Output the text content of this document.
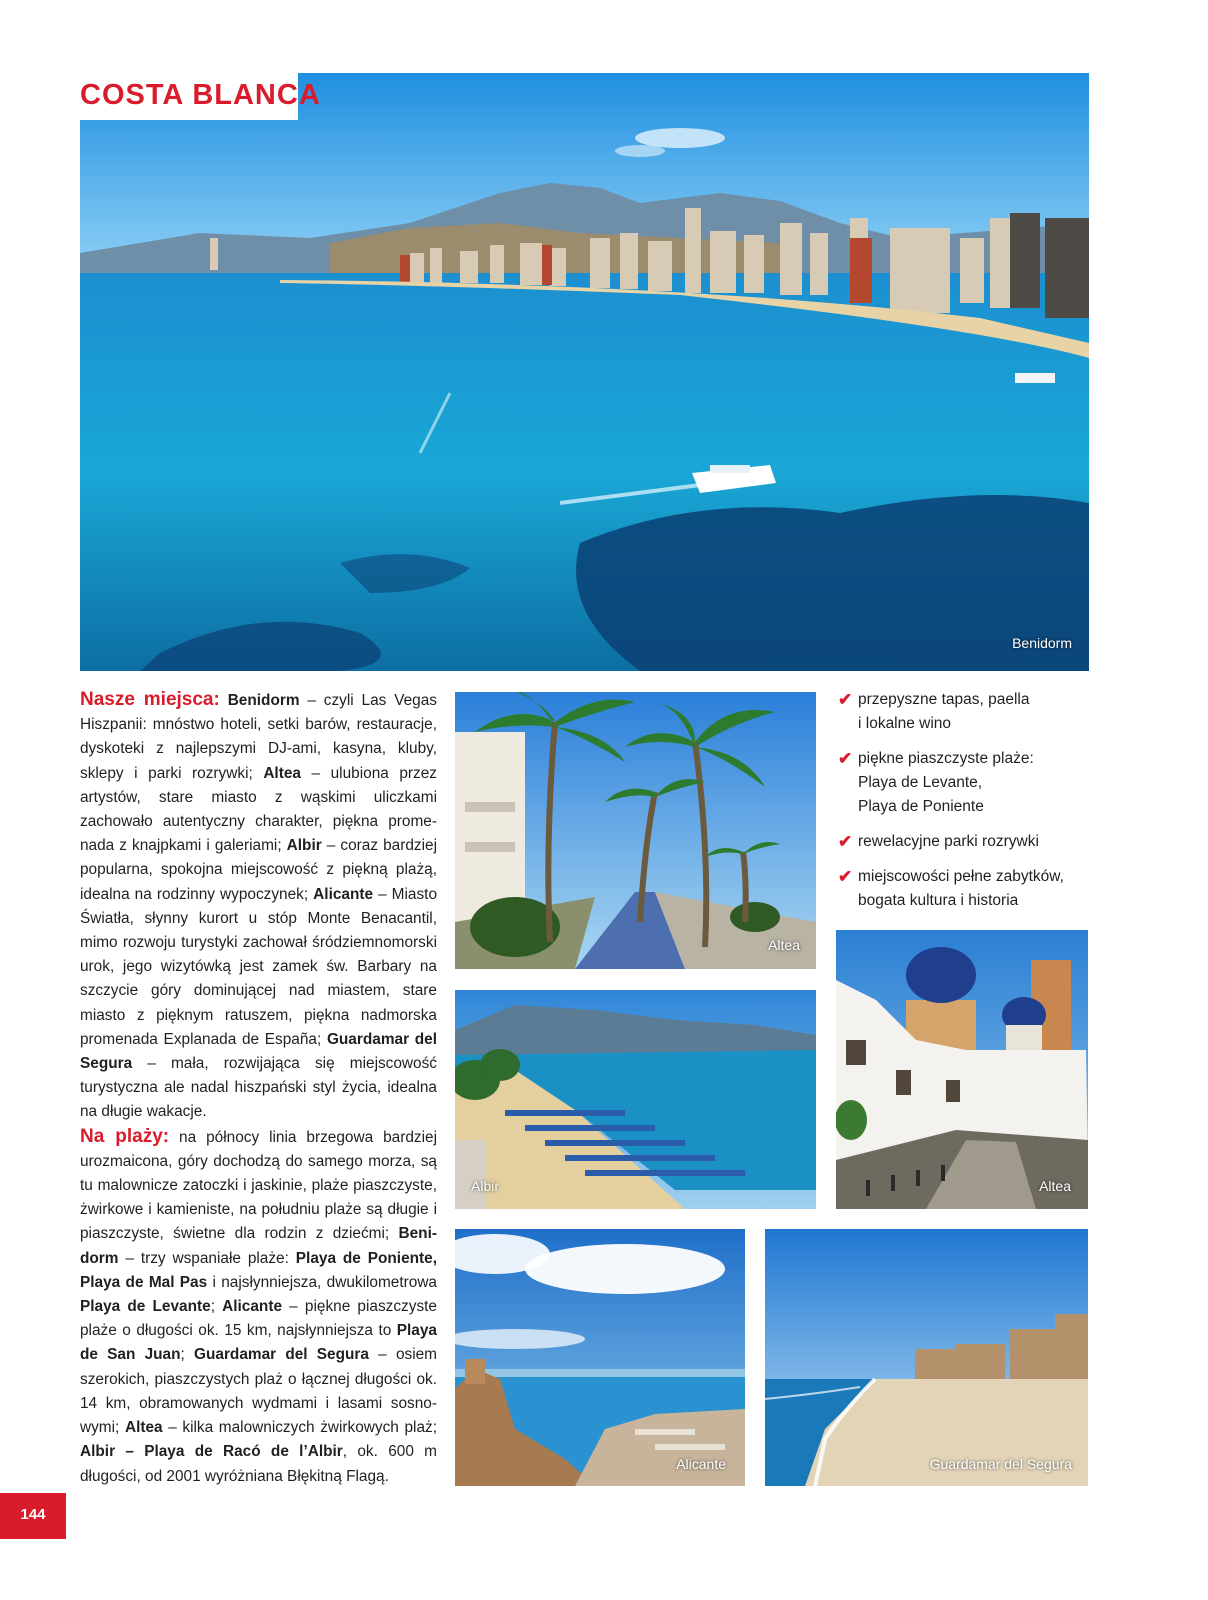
COSTA BLANCA
Benidorm

Nasze miejsca: Benidorm – czyli Las Vegas Hiszpanii: mnóstwo hoteli, setki barów, restauracje, dyskoteki z najlepszymi DJ-ami, kasyna, kluby, sklepy i parki rozrywki; Altea – ulubiona przez artystów, stare miasto z wąskimi uliczkami zachowało autentyczny charakter, piękna promenada z knajpkami i galeriami; Albir – coraz bardziej popularna, spokojna miejscowość z piękną plażą, idealna na rodzinny wypoczynek; Alicante – Miasto Światła, słynny kurort u stóp Monte Benacantil, mimo rozwoju turystyki zachował śródziemnomorski urok, jego wizytówką jest zamek św. Barbary na szczycie góry dominującej nad miastem, stare miasto z pięknym ratuszem, piękna nadmorska promenada Explanada de España; Guardamar del Segura – mała, rozwijająca się miejscowość turystyczna ale nadal hiszpański styl życia, idealna na długie wakacje.

Na plaży: na północy linia brzegowa bardziej urozmaicona, góry dochodzą do samego morza, są tu malownicze zatoczki i jaskinie, plaże piaszczyste, żwirkowe i kamieniste, na południu plaże są długie i piaszczyste, świetne dla rodzin z dziećmi; Benidorm – trzy wspaniałe plaże: Playa de Poniente, Playa de Mal Pas i najsłynniejsza, dwukilometrowa Playa de Levante; Alicante – piękne piaszczyste plaże o długości ok. 15 km, najsłynniejsza to Playa de San Juan; Guardamar del Segura – osiem szerokich, piaszczystych plaż o łącznej długości ok. 14 km, obramowanych wydmami i lasami sosnowymi; Altea – kilka malowniczych żwirkowych plaż; Albir – Playa de Racó de l’Albir, ok. 600 m długości, od 2001 wyróżniana Błękitną Flagą.

Altea
✔ przepyszne tapas, paella
i lokalne wino
✔ piękne piaszczyste plaże:
Playa de Levante,
Playa de Poniente
✔ rewelacyjne parki rozrywki
✔ miejscowości pełne zabytków,
bogata kultura i historia
Albir	Altea
Alicante	Guardamar del Segura
144
